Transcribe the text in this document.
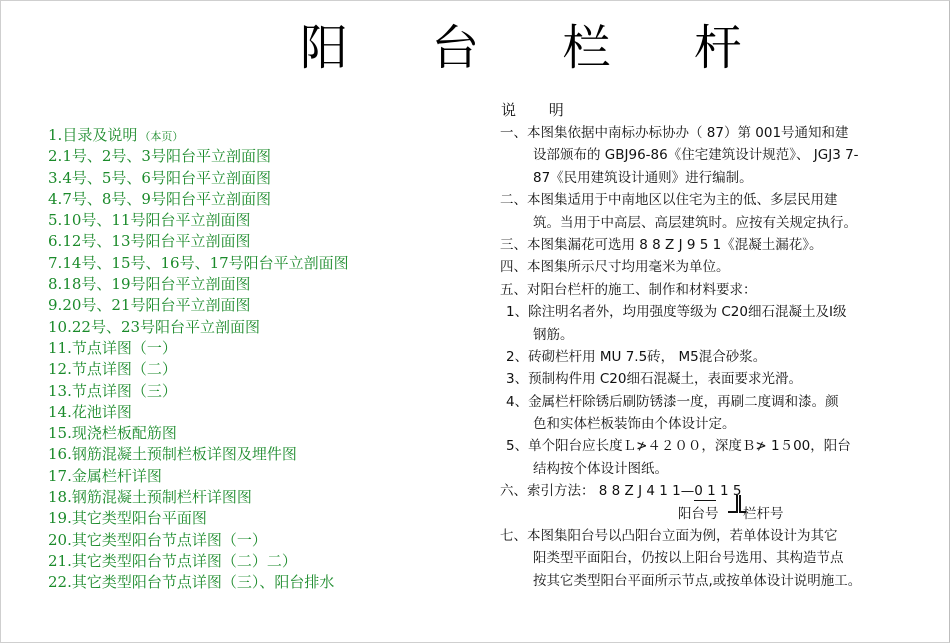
阳 台 栏 杆
1.目录及说明 （本页）
2.1号、2号、3号阳台平立剖面图
3.4号、5号、6号阳台平立剖面图
4.7号、8号、9号阳台平立剖面图
5.10号、11号阳台平立剖面图
6.12号、13号阳台平立剖面图
7.14号、15号、16号、17号阳台平立剖面图
8.18号、19号阳台平立剖面图
9.20号、21号阳台平立剖面图
10.22号、23号阳台平立剖面图
11.节点详图（一）
12.节点详图（二）
13.节点详图（三）
14.花池详图
15.现浇栏板配筋图
16.钢筋混凝土预制栏板详图及埋件图
17.金属栏杆详图
18.钢筋混凝土预制栏杆详图图
19.其它类型阳台平面图
20.其它类型阳台节点详图（一）
21.其它类型阳台节点详图（二）二）
22.其它类型阳台节点详图（三）、阳台排水
说 明
一、本图集依据中南标办标协办（ 87）第 001号通知和建
设部颁布的 GBJ96-86《住宅建筑设计规范》、 JGJ3 7-
87《民用建筑设计通则》进行编制。
二、本图集适用于中南地区以住宅为主的低、多层民用建
筑。当用于中高层、高层建筑时。应按有关规定执行。
三、本图集漏花可选用 8 8 Z J 9 5 1《混凝土漏花》。
四、本图集所示尺寸均用毫米为单位。
五、对阳台栏杆的施工、制作和材料要求：
1、除注明名者外，均用强度等级为 C20细石混凝土及Ⅰ级
钢筋。
2、砖砌栏杆用 MU 7.5砖， M5混合砂浆。
3、预制构件用 C20细石混凝土，表面要求光滑。
4、金属栏杆除锈后刷防锈漆一度，再刷二度调和漆。颜
色和实体栏板装饰由个体设计定。
5、单个阳台应长度Ｌ≯４２００，深度Ｂ≯ 1５00，阳台
结构按个体设计图纸。
六、索引方法： 8 8 Z J 4 1 1—0 1 1 5
阳台号 栏杆号
七、本图集阳台号以凸阳台立面为例，若单体设计为其它
阳类型平面阳台，仍按以上阳台号选用、其构造节点
按其它类型阳台平面所示节点,或按单体设计说明施工。
